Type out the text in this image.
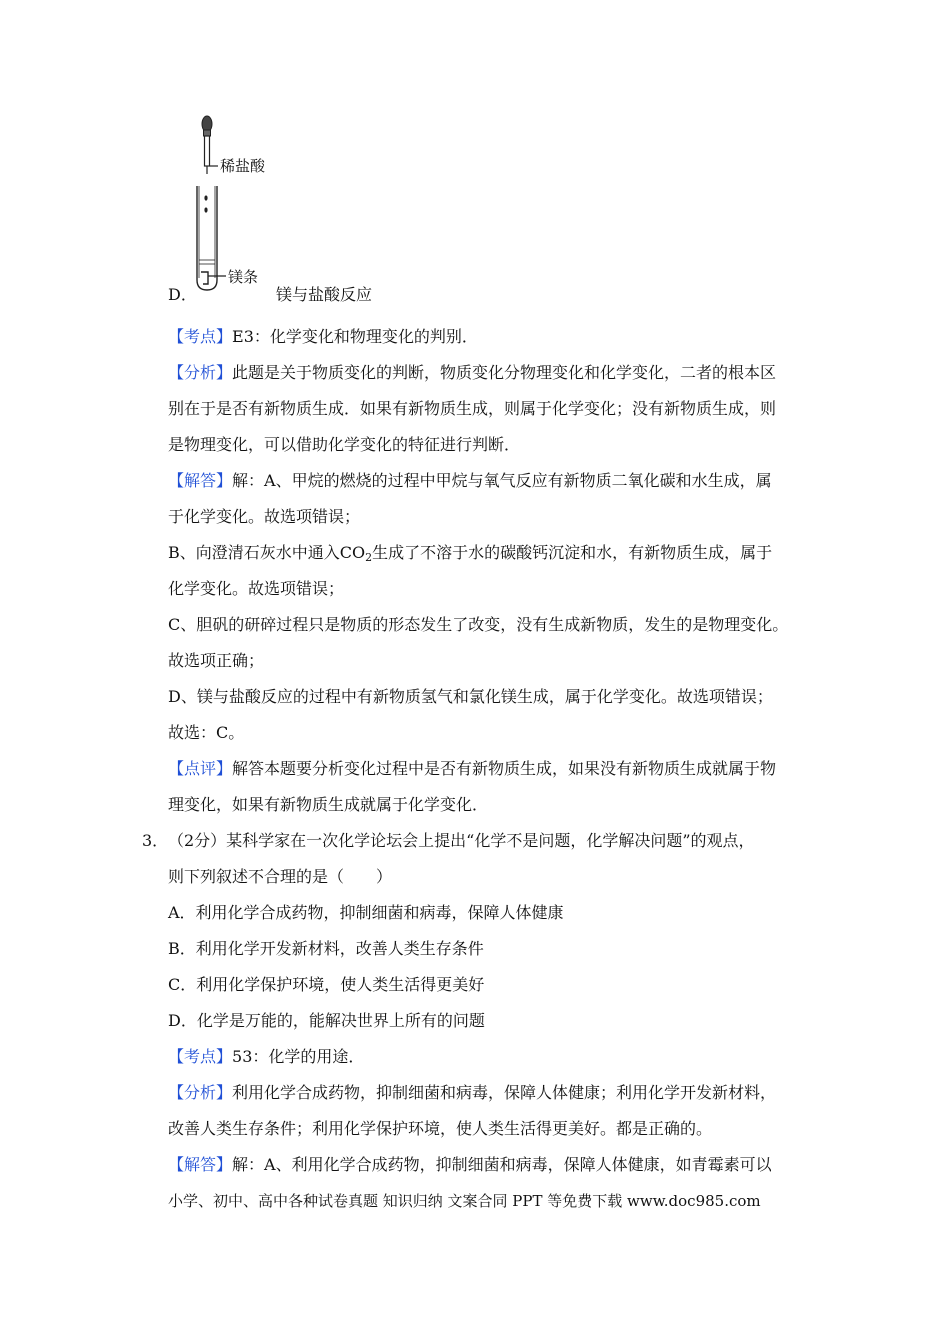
稀盐酸
镁条
D．	镁与盐酸反应
【考点】E3：化学变化和物理变化的判别．
【分析】此题是关于物质变化的判断，物质变化分物理变化和化学变化，二者的根本区
别在于是否有新物质生成．如果有新物质生成，则属于化学变化；没有新物质生成，则
是物理变化，可以借助化学变化的特征进行判断．
【解答】解：A、甲烷的燃烧的过程中甲烷与氧气反应有新物质二氧化碳和水生成，属
于化学变化。故选项错误；
B、向澄清石灰水中通入$CO_2$生成了不溶于水的碳酸钙沉淀和水，有新物质生成，属于
化学变化。故选项错误；
C、胆矾的研碎过程只是物质的形态发生了改变，没有生成新物质，发生的是物理变化。
故选项正确；
D、镁与盐酸反应的过程中有新物质氢气和氯化镁生成，属于化学变化。故选项错误；
故选：C。
【点评】解答本题要分析变化过程中是否有新物质生成，如果没有新物质生成就属于物
理变化，如果有新物质生成就属于化学变化．
3． （2分）某科学家在一次化学论坛会上提出“化学不是问题，化学解决问题”的观点，
则下列叙述不合理的是（　　）
A．利用化学合成药物，抑制细菌和病毒，保障人体健康
B．利用化学开发新材料，改善人类生存条件
C．利用化学保护环境，使人类生活得更美好
D．化学是万能的，能解决世界上所有的问题
【考点】53：化学的用途．
【分析】利用化学合成药物，抑制细菌和病毒，保障人体健康；利用化学开发新材料，
改善人类生存条件；利用化学保护环境，使人类生活得更美好。都是正确的。
【解答】解：A、利用化学合成药物，抑制细菌和病毒，保障人体健康，如青霉素可以
小学、初中、高中各种试卷真题 知识归纳 文案合同 PPT 等免费下载 www.doc985.com
